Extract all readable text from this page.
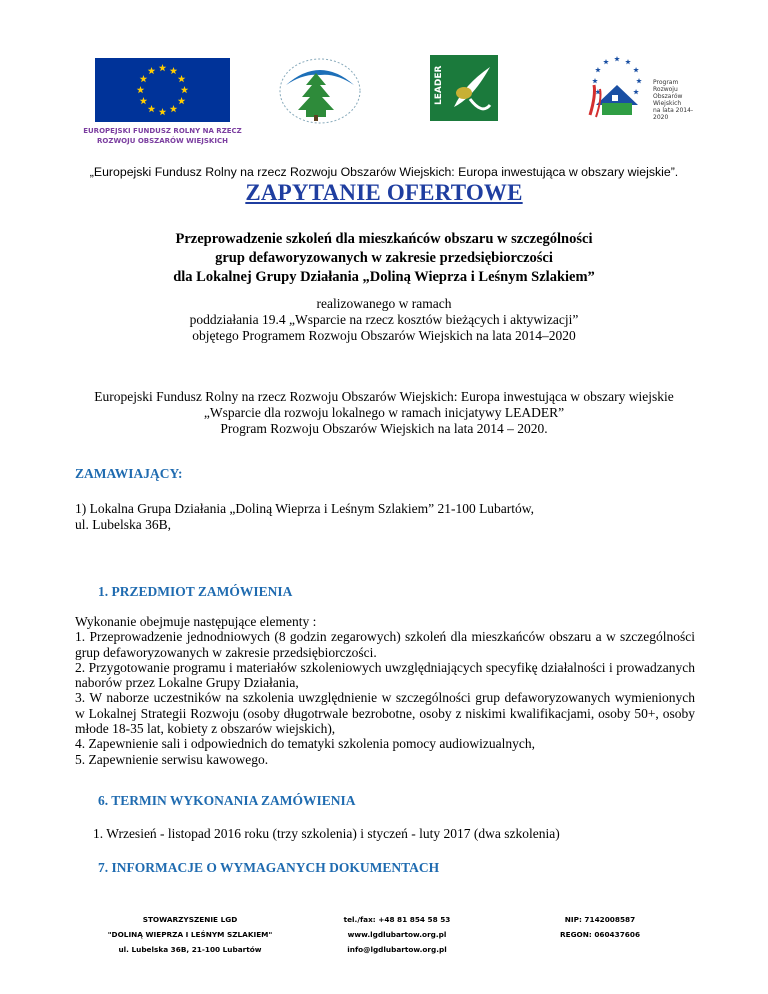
EUROPEJSKI FUNDUSZ ROLNY NA RZECZ
ROZWOJU OBSZARÓW WIEJSKICH
LEADER	Program
Rozwoju
Obszarów
Wiejskich
na lata 2014-2020
„Europejski Fundusz Rolny na rzecz Rozwoju Obszarów Wiejskich: Europa inwestująca w obszary wiejskie”.
ZAPYTANIE OFERTOWE
Przeprowadzenie szkoleń dla mieszkańców obszaru w szczególności
grup defaworyzowanych w zakresie przedsiębiorczości
dla Lokalnej Grupy Działania „Doliną Wieprza i Leśnym Szlakiem”
realizowanego w ramach
poddziałania 19.4 „Wsparcie na rzecz kosztów bieżących i aktywizacji”
objętego Programem Rozwoju Obszarów Wiejskich na lata 2014–2020
Europejski Fundusz Rolny na rzecz Rozwoju Obszarów Wiejskich: Europa inwestująca w obszary wiejskie
„Wsparcie dla rozwoju lokalnego w ramach inicjatywy LEADER”
Program Rozwoju Obszarów Wiejskich na lata 2014 – 2020.
ZAMAWIAJĄCY:
1) Lokalna Grupa Działania „Doliną Wieprza i Leśnym Szlakiem” 21-100 Lubartów,
ul. Lubelska 36B,
1. PRZEDMIOT ZAMÓWIENIA
Wykonanie obejmuje następujące elementy :
1. Przeprowadzenie jednodniowych (8 godzin zegarowych) szkoleń dla mieszkańców obszaru a w szczególności grup defaworyzowanych w zakresie przedsiębiorczości.
2. Przygotowanie programu i materiałów szkoleniowych uwzględniających specyfikę działalności i prowadzanych naborów przez Lokalne Grupy Działania,
3. W naborze uczestników na szkolenia uwzględnienie w szczególności grup defaworyzowanych wymienionych w Lokalnej Strategii Rozwoju (osoby długotrwale bezrobotne, osoby z niskimi kwalifikacjami, osoby 50+, osoby młode 18-35 lat, kobiety z obszarów wiejskich),
4. Zapewnienie sali i odpowiednich do tematyki szkolenia pomocy audiowizualnych,
5. Zapewnienie serwisu kawowego.
6. TERMIN WYKONANIA ZAMÓWIENIA
1. Wrzesień - listopad 2016 roku (trzy szkolenia) i styczeń - luty 2017 (dwa szkolenia)
7. INFORMACJE O WYMAGANYCH DOKUMENTACH
STOWARZYSZENIE LGD
"DOLINĄ WIEPRZA I LEŚNYM SZLAKIEM"
ul. Lubelska 36B, 21-100 Lubartów
tel./fax: +48 81 854 58 53
www.lgdlubartow.org.pl
info@lgdlubartow.org.pl
NIP: 7142008587
REGON: 060437606
